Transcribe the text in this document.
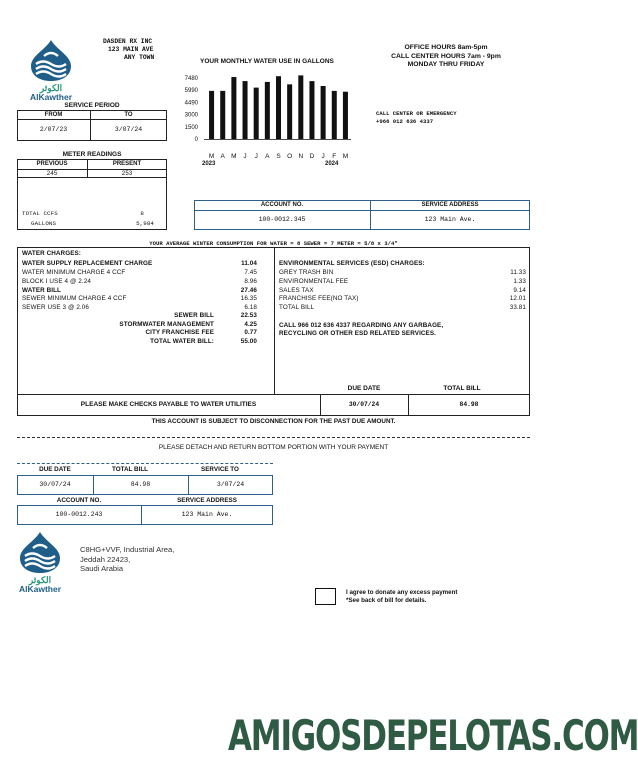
الكوثر
AlKawther
DASDEN RX INC
123 MAIN AVE
ANY TOWN
OFFICE HOURS 8am-5pm
CALL CENTER HOURS 7am - 9pm
MONDAY THRU FRIDAY
CALL CENTER OR EMERGENCY
+966 012 636 4337
SERVICE PERIOD
FROM	TO
2/07/23	3/07/24
METER READINGS
PREVIOUS	PRESENT
245	253
TOTAL CCFS	8
GALLONS	5,984
YOUR MONTHLY WATER USE IN GALLONS
7480
5990
4490
3000
1500
0
M A M J J A S O N D J F M
2023	2024
ACCOUNT NO.	SERVICE ADDRESS
100-0012.345	123 Main Ave.
YOUR AVERAGE WINTER CONSUMPTION FOR WATER = 8 SEWER = 7 METER = 5/8 x 3/4"
WATER CHARGES:
WATER SUPPLY REPLACEMENT CHARGE	11.04
WATER MINIMUM CHARGE 4 CCF	7.45
BLOCK I USE 4 @ 2.24	8.96
WATER BILL	27.46
SEWER MINIMUM CHARGE 4 CCF	16.35
SEWER USE 3 @ 2.06	6.18
SEWER BILL	22.53
STORMWATER MANAGEMENT	4.25
CITY FRANCHISE FEE	0.77
TOTAL WATER BILL:	55.00
ENVIRONMENTAL SERVICES (ESD) CHARGES:
GREY TRASH BIN	11.33
ENVIRONMENTAL FEE	1.33
SALES TAX	9.14
FRANCHISE FEE(NO TAX)	12.01
TOTAL BILL	33.81
CALL 966 012 636 4337 REGARDING ANY GARBAGE,
RECYCLING OR OTHER ESD RELATED SERVICES.
DUE DATE	TOTAL BILL
PLEASE MAKE CHECKS PAYABLE TO WATER UTILITIES	30/07/24	84.98
THIS ACCOUNT IS SUBJECT TO DISCONNECTION FOR THE PAST DUE AMOUNT.
PLEASE DETACH AND RETURN BOTTOM PORTION WITH YOUR PAYMENT
DUE DATE	TOTAL BILL	SERVICE TO
30/07/24	84.98	3/07/24
ACCOUNT NO.	SERVICE ADDRESS
100-0012.243	123 Main Ave.
الكوثر
AlKawther
C8HG+VVF, Industrial Area,
Jeddah 22423,
Saudi Arabia
I agree to donate any excess payment
*See back of bill for details.
AMIGOSDEPELOTAS.COM
